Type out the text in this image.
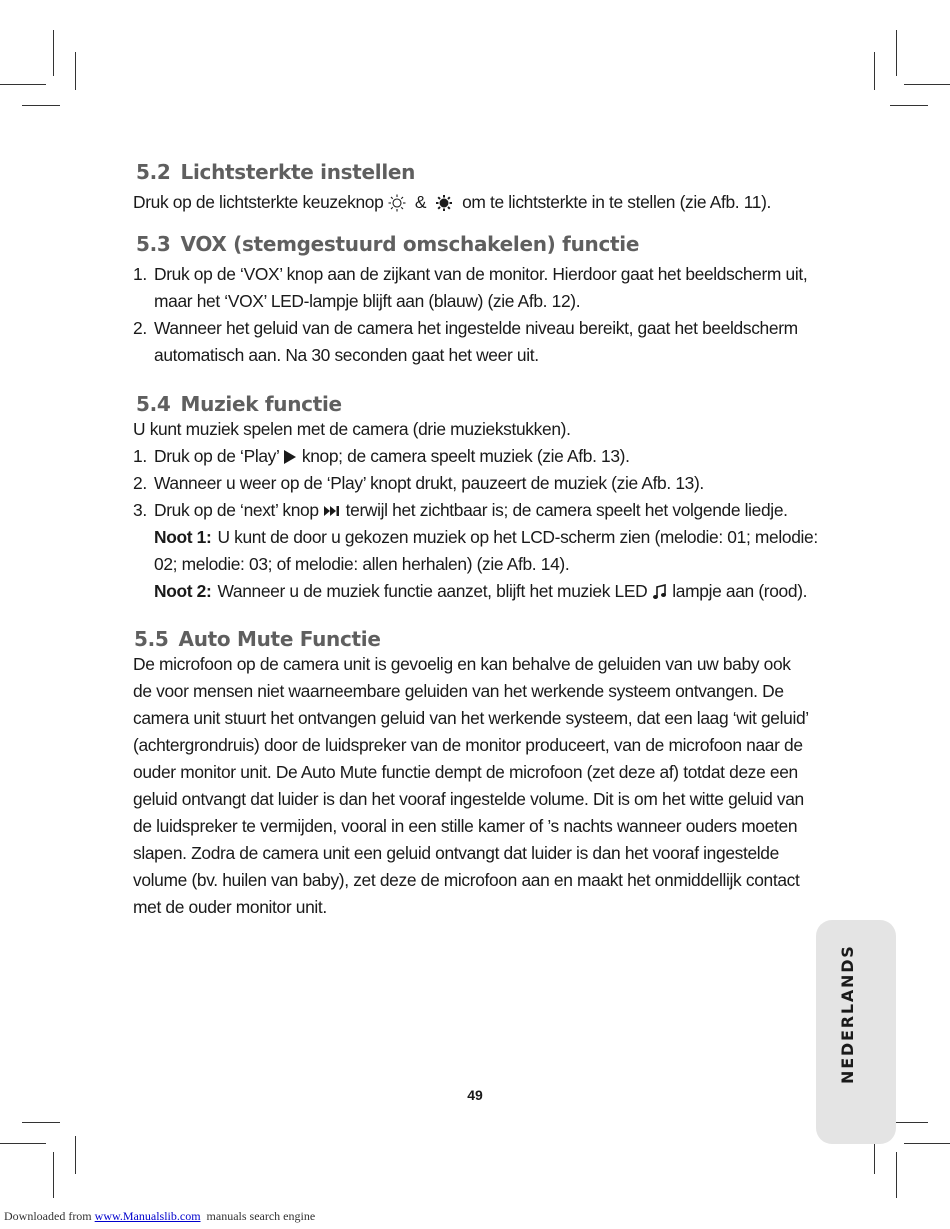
5.2 Lichtsterkte instellen

Druk op de lichtsterkte keuzeknop & om te lichtsterkte in te stellen (zie Afb. 11).

5.3 VOX (stemgestuurd omschakelen) functie
1. Druk op de ‘VOX’ knop aan de zijkant van de monitor. Hierdoor gaat het beeldscherm uit,
maar het ‘VOX’ LED-lampje blijft aan (blauw) (zie Afb. 12).
2. Wanneer het geluid van de camera het ingestelde niveau bereikt, gaat het beeldscherm
automatisch aan. Na 30 seconden gaat het weer uit.
5.4 Muziek functie

U kunt muziek spelen met de camera (drie muziekstukken).

1. Druk op de ‘Play’ knop; de camera speelt muziek (zie Afb. 13).
2. Wanneer u weer op de ‘Play’ knopt drukt, pauzeert de muziek (zie Afb. 13).
3. Druk op de ‘next’ knop terwijl het zichtbaar is; de camera speelt het volgende liedje.
Noot 1: U kunt de door u gekozen muziek op het LCD-scherm zien (melodie: 01; melodie:
02; melodie: 03; of melodie: allen herhalen) (zie Afb. 14).
Noot 2: Wanneer u de muziek functie aanzet, blijft het muziek LED lampje aan (rood).
5.5 Auto Mute Functie
De microfoon op de camera unit is gevoelig en kan behalve de geluiden van uw baby ook
de voor mensen niet waarneembare geluiden van het werkende systeem ontvangen. De
camera unit stuurt het ontvangen geluid van het werkende systeem, dat een laag ‘wit geluid’
(achtergrondruis) door de luidspreker van de monitor produceert, van de microfoon naar de
ouder monitor unit. De Auto Mute functie dempt de microfoon (zet deze af) totdat deze een
geluid ontvangt dat luider is dan het vooraf ingestelde volume. Dit is om het witte geluid van
de luidspreker te vermijden, vooral in een stille kamer of ’s nachts wanneer ouders moeten
slapen. Zodra de camera unit een geluid ontvangt dat luider is dan het vooraf ingestelde
volume (bv. huilen van baby), zet deze de microfoon aan en maakt het onmiddellijk contact
met de ouder monitor unit.
NEDERLANDS
49
Downloaded from www.Manualslib.com manuals search engine
